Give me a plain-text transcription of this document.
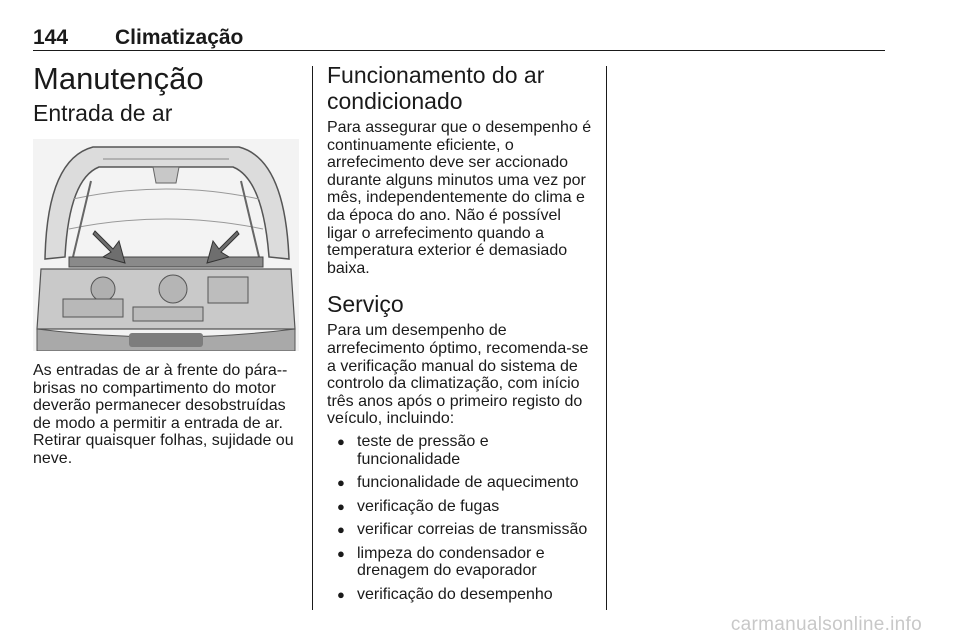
144 Climatização
Manutenção
Entrada de ar

As entradas de ar à frente do pára--brisas no compartimento do motor deverão permanecer desobstruídas de modo a permitir a entrada de ar. Retirar quaisquer folhas, sujidade ou neve.

Funcionamento do ar condicionado

Para assegurar que o desempenho é continuamente eficiente, o arrefecimento deve ser accionado durante alguns minutos uma vez por mês, independentemente do clima e da época do ano. Não é possível ligar o arrefecimento quando a temperatura exterior é demasiado baixa.

Serviço

Para um desempenho de arrefecimento óptimo, recomenda-se a verificação manual do sistema de controlo da climatização, com início três anos após o primeiro registo do veículo, incluindo:

● teste de pressão e funcionalidade
● funcionalidade de aquecimento
● verificação de fugas
● verificar correias de transmissão
● limpeza do condensador e drenagem do evaporador
● verificação do desempenho
carmanualsonline.info
